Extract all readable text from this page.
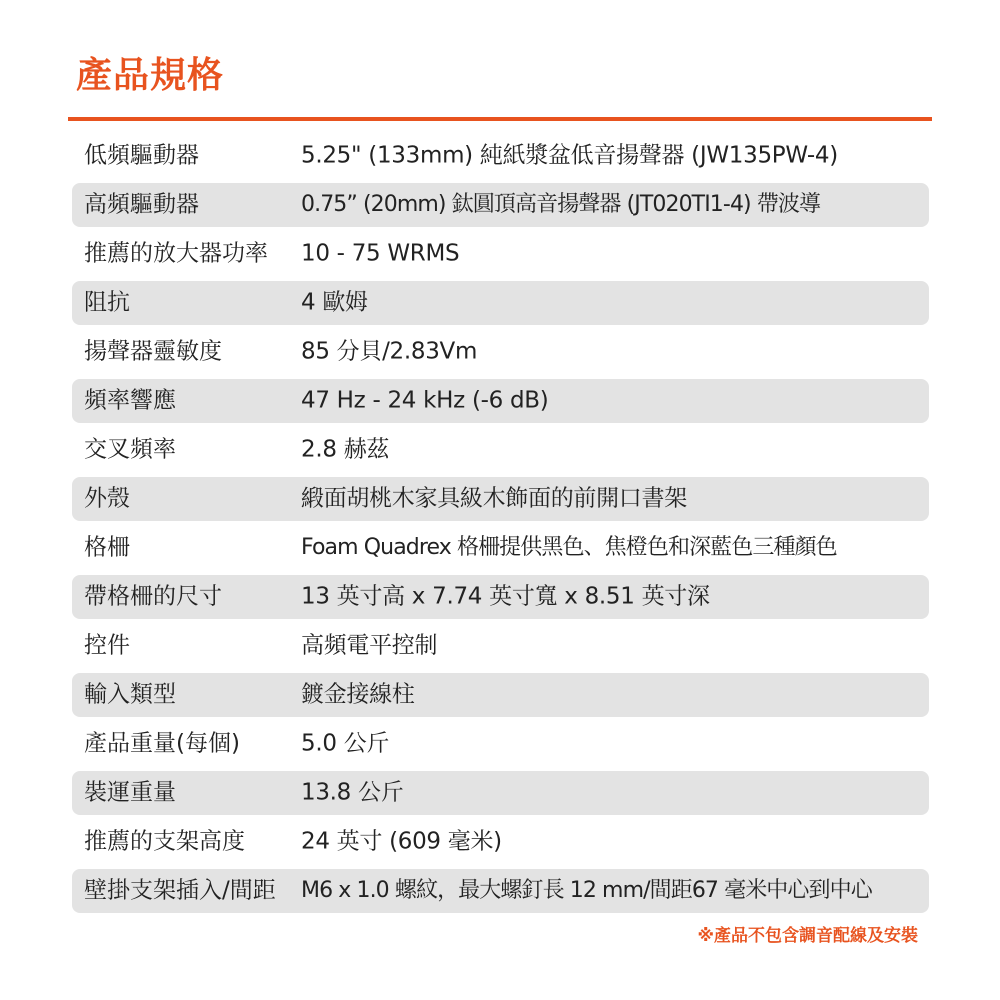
產品規格
低頻驅動器	5.25" (133mm) 純紙漿盆低音揚聲器 (JW135PW-4)
高頻驅動器	0.75” (20mm) 鈦圓頂高音揚聲器 (JT020TI1-4) 帶波導
推薦的放大器功率 10 - 75 WRMS
阻抗	4 歐姆
揚聲器靈敏度	85 分貝/2.83Vm
頻率響應	47 Hz - 24 kHz (-6 dB)
交叉頻率	2.8 赫茲
外殼	緞面胡桃木家具級木飾面的前開口書架
格柵	Foam Quadrex 格柵提供黑色、焦橙色和深藍色三種顏色
帶格柵的尺寸	13 英寸高 x 7.74 英寸寬 x 8.51 英寸深
控件	高頻電平控制
輸入類型	鍍金接線柱
產品重量(每個)	5.0 公斤
裝運重量	13.8 公斤
推薦的支架高度 24 英寸 (609 毫米)
壁掛支架插入/間距 M6 x 1.0 螺紋，最大螺釘長 12 mm/間距67 毫米中心到中心
※產品不包含調音配線及安裝
